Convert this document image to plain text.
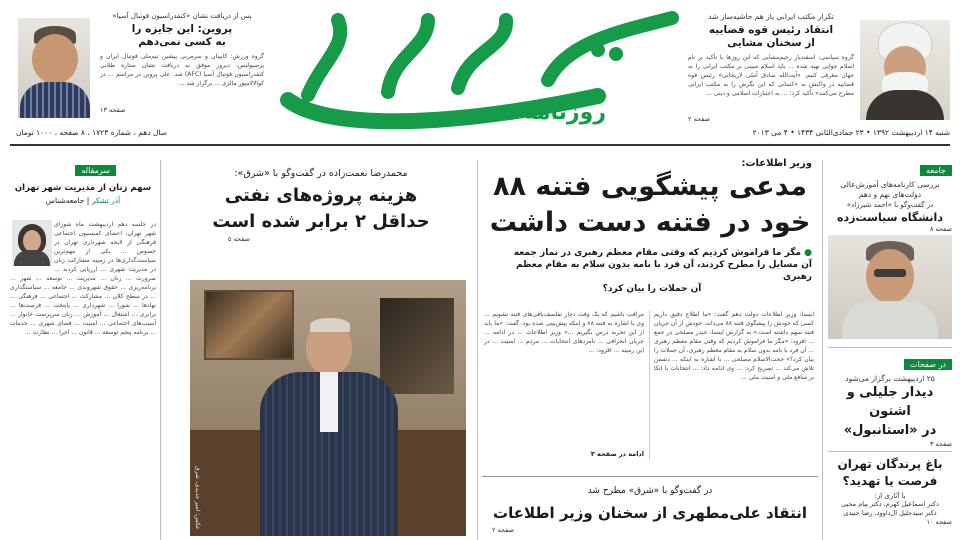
تکرار مکتب ایرانی باز هم حاشیه‌ساز شد
انتقاد رئیس قوه قضاییه
از سخنان مشایی
گروه سیاسی: اسفندیار رحیم‌مشایی که این روزها با تأکید بر نام اسلام جوابی تهیه شده ... باید اسلام مبینی بر مکتب ایرانی را به جهان معرفی کنیم. «آیت‌الله صادق آملی لاریجانی» رئیس قوه قضاییه در واکنش به «کسانی که این نگرش را به مکتب ایرانی مطرح می‌کنند» تأکید کرد: ... به اعتبارات اسلامی و دینی ...
صفحه ۲
پس از دریافت نشان «کنفدراسیون فوتبال آسیا»
پروین: این جایزه را
به کسی نمی‌دهم
گروه ورزش: کاپیتان و سرمربی پیشین تیم‌ملی فوتبال ایران و پرسپولیس، دیروز موفق به دریافت نشان ستاره طلایی کنفدراسیون فوتبال آسیا (AFC) شد. علی پروین در مراسم ... در کوالالامپور مالزی ... برگزار شد ...
صفحه ۱۳	روزنامه
شنبه ۱۴ اردیبهشت ۱۳۹۲ • ۲۳ جمادی‌الثانی ۱۴۳۴ • ۴ می ۲۰۱۳
سال دهم ، شماره ۱۷۲۳ ، ۸ صفحه ، ۱۰۰۰ تومان
جامعه
بررسی کارنامه‌های آموزش‌عالی دولت‌های نهم و دهم
در گفت‌وگو با «احمد شیرزاد»
دانشگاه سیاست‌زده
صفحه ۸
در صفحات
۲۵ اردیبهشت برگزار می‌شود
دیدار جلیلی و اشتون
در «استانبول»
صفحه ۳
باغ پرندگان تهران
فرصت یا تهدید؟
با آثاری از:
دکتر اسماعیل کهرم، دکتر پیام محبی
دکتر سیدجلیل ال‌داوود، رضا جنیدی
صفحه ۱۰
وزیر اطلاعات:
مدعی پیشگویی فتنه ۸۸
خود در فتنه دست داشت
● مگر ما فراموش کردیم که وقتی مقام معظم رهبری در نماز جمعه
آن مسایل را مطرح کردند، آن فرد با نامه بدون سلام به مقام معظم رهبری
آن جملات را بیان کرد؟
ایسنا: وزیر اطلاعات دولت دهم گفت: «ما اطلاع دقیق داریم کسی که خودش را پیشگوی فتنه ۸۸ می‌داند، خودش از آن جریان فتنه سهم داشته است.» به گزارش ایسنا، حیدر مصلحی در جمع ... افزود: «مگر ما فراموش کردیم که وقتی مقام معظم رهبری ... آن فرد با نامه بدون سلام به مقام معظم رهبری، آن جملات را بیان کرد؟» حجت‌الاسلام مصلحی ... با اشاره به اینکه ... دشمن تلاش می‌کند ... تصریح کرد: ... وی ادامه داد: ... انتخابات با اتکا بر منافع ملی و امنیت ملی ...
مراقب باشیم که یک وقت دچار تفلسف‌بافی‌های فتنه نشویم ... وی با اشاره به فتنه ۸۸ و اینکه پیش‌بینی شده بود، گفت: «ما باید از این تجربه درس بگیریم ...» وزیر اطلاعات ... در ادامه ... جریان انحرافی ... نامزدهای انتخابات ... مردم ... امنیت ... در این زمینه ... افزود: ...
ادامه در صفحه ۳
در گفت‌وگو با «شرق» مطرح شد
انتقاد علی‌مطهری از سخنان وزیر اطلاعات
صفحه ۲
محمدرضا نعمت‌زاده در گفت‌وگو با «شرق»:
هزینه پروژه‌های نفتی
حداقل ۲ برابر شده است
صفحه ۵
عکس: امیر جدیدی، شرق
سرمقاله
سهم زنان از مدیریت شهر تهران
آذر تشکر | جامعه‌شناس
در جلسه دهم اردیبهشت ماه شورای شهر تهران، اعضای کمیسیون اجتماعی فرهنگی از لایحه شهرداری تهران در خصوص ... یکی از مهم‌ترین سیاست‌گذاری‌ها در زمینه مشارکت زنان در مدیریت شهری ... ارزیابی کردند ... ضرورت ... زنان ... مدیریت ... توسعه ... شهر ... برنامه‌ریزی ... حقوق شهروندی ... جامعه ... سیاستگذاری ... در سطح کلان ... مشارکت ... اجتماعی ... فرهنگی ... نهادها ... شورا ... شهرداری ... پایتخت ... فرصت‌ها ... برابری ... اشتغال ... آموزش ... زنان سرپرست خانوار ... آسیب‌های اجتماعی ... امنیت ... فضای شهری ... خدمات ... برنامه پنجم توسعه ... قانون ... اجرا ... نظارت ...
